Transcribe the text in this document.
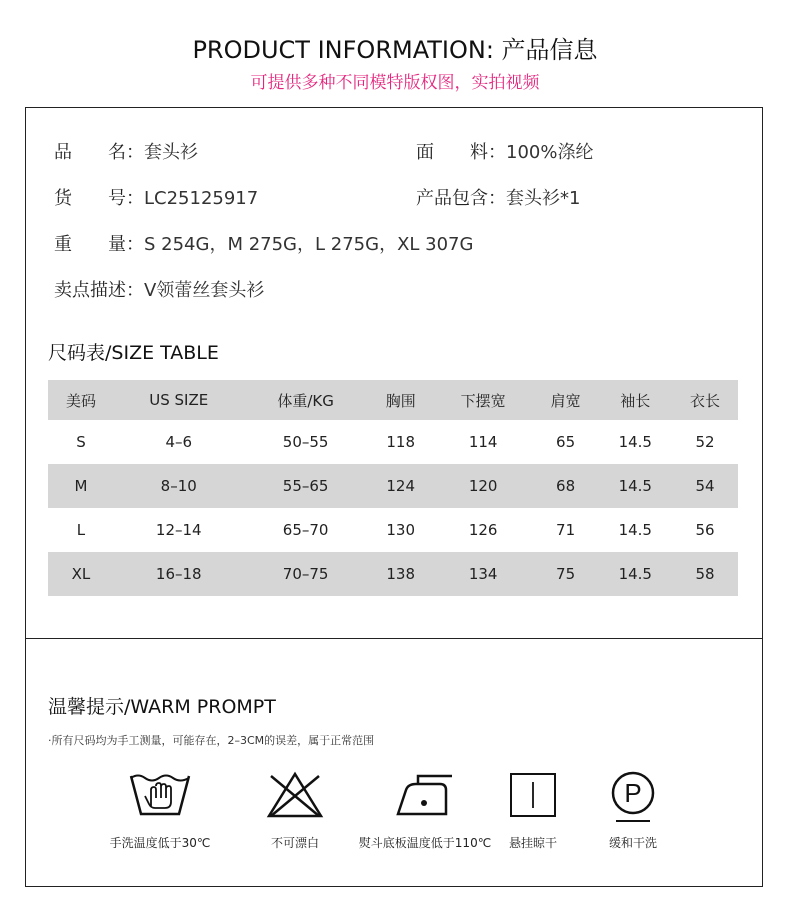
PRODUCT INFORMATION: 产品信息
可提供多种不同模特版权图，实拍视频
品　　名：套头衫	面　　料：100%涤纶
货　　号：LC25125917	产品包含：套头衫*1
重　　量：S 254G，M 275G，L 275G，XL 307G
卖点描述：V领蕾丝套头衫
尺码表/SIZE TABLE
美码	US SIZE	体重/KG	胸围	下摆宽	肩宽	袖长	衣长
S	4–6	50–55	118	114	65	14.5	52
M	8–10	55–65	124	120	68	14.5	54
L	12–14	65–70	130	126	71	14.5	56
XL	16–18	70–75	138	134	75	14.5	58
温馨提示/WARM PROMPT
·所有尺码均为手工测量，可能存在，2–3CM的误差，属于正常范围
手洗温度低于30℃	不可漂白	熨斗底板温度低于110℃	悬挂晾干
P
缓和干洗
